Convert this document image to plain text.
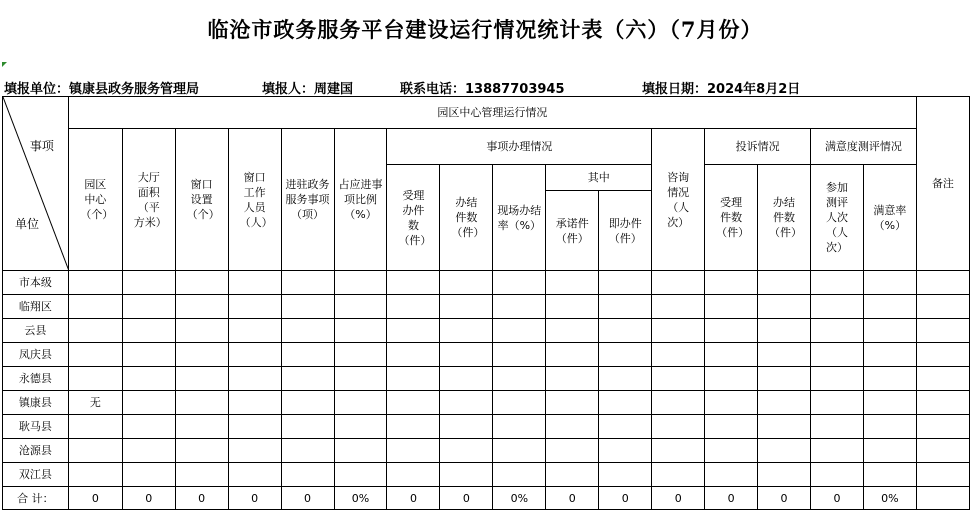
临沧市政务服务平台建设运行情况统计表（六）（7月份）
填报单位：镇康县政务服务管理局	填报人：周建国	联系电话：13887703945	填报日期：2024年8月2日
事项
单位	园区中心管理运行情况																备注
	园区中心（个）	大厅面积（平方米）	窗口设置（个）	窗口工作人员（人）	进驻政务服务事项（项）	占应进事项比例（%）	事项办理情况					咨询情况（人次）	投诉情况		满意度测评情况		
							受理办件数（件）	办结件数（件）	现场办结率（%）	其中			受理件数（件）	办结件数（件）	参加测评人次（人次）	满意率（%）	
										承诺件（件）	即办件（件）						
市本级																	
临翔区																	
云县																	
凤庆县																	
永德县																	
镇康县	无																
耿马县																	
沧源县																	
双江县																	
合 计：	0	0	0	0	0	0%	0	0	0%	0	0	0	0	0	0	0%	
